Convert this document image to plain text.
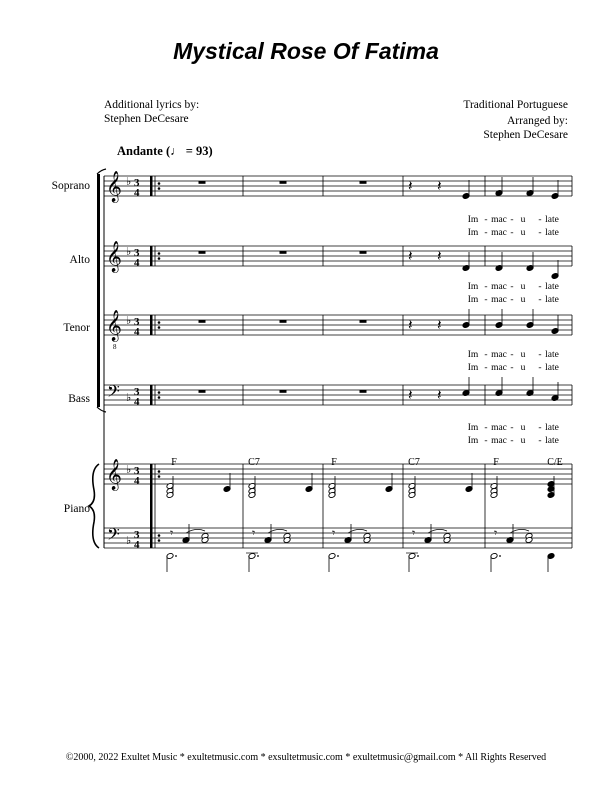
Mystical Rose Of Fatima
Additional lyrics by:
Stephen DeCesare
Traditional Portuguese
Arranged by:
Stephen DeCesare
Andante (♩ = 93)
Soprano
Alto
Tenor
Bass
Piano
𝄞 ♭ 3
4
𝄞 ♭ 3
4
𝄞 ♭
8
3
4
𝄢 ♭ 3
4
𝄞 ♭ 3
4
𝄢 ♭ 3
4
𝄽 𝄽
𝄽 𝄽
𝄽 𝄽
𝄽 𝄽
Im - mac - u - late
Im - mac - u - late
Im - mac - u - late
Im - mac - u - late
Im - mac - u - late
Im - mac - u - late
Im - mac - u - late
Im - mac - u - late
F	C7	F	C7	F	C/E
𝄾	𝄾	𝄾	𝄾	𝄾
©2000, 2022 Exultet Music * exultetmusic.com * exsultetmusic.com * exultetmusic@gmail.com * All Rights Reserved
